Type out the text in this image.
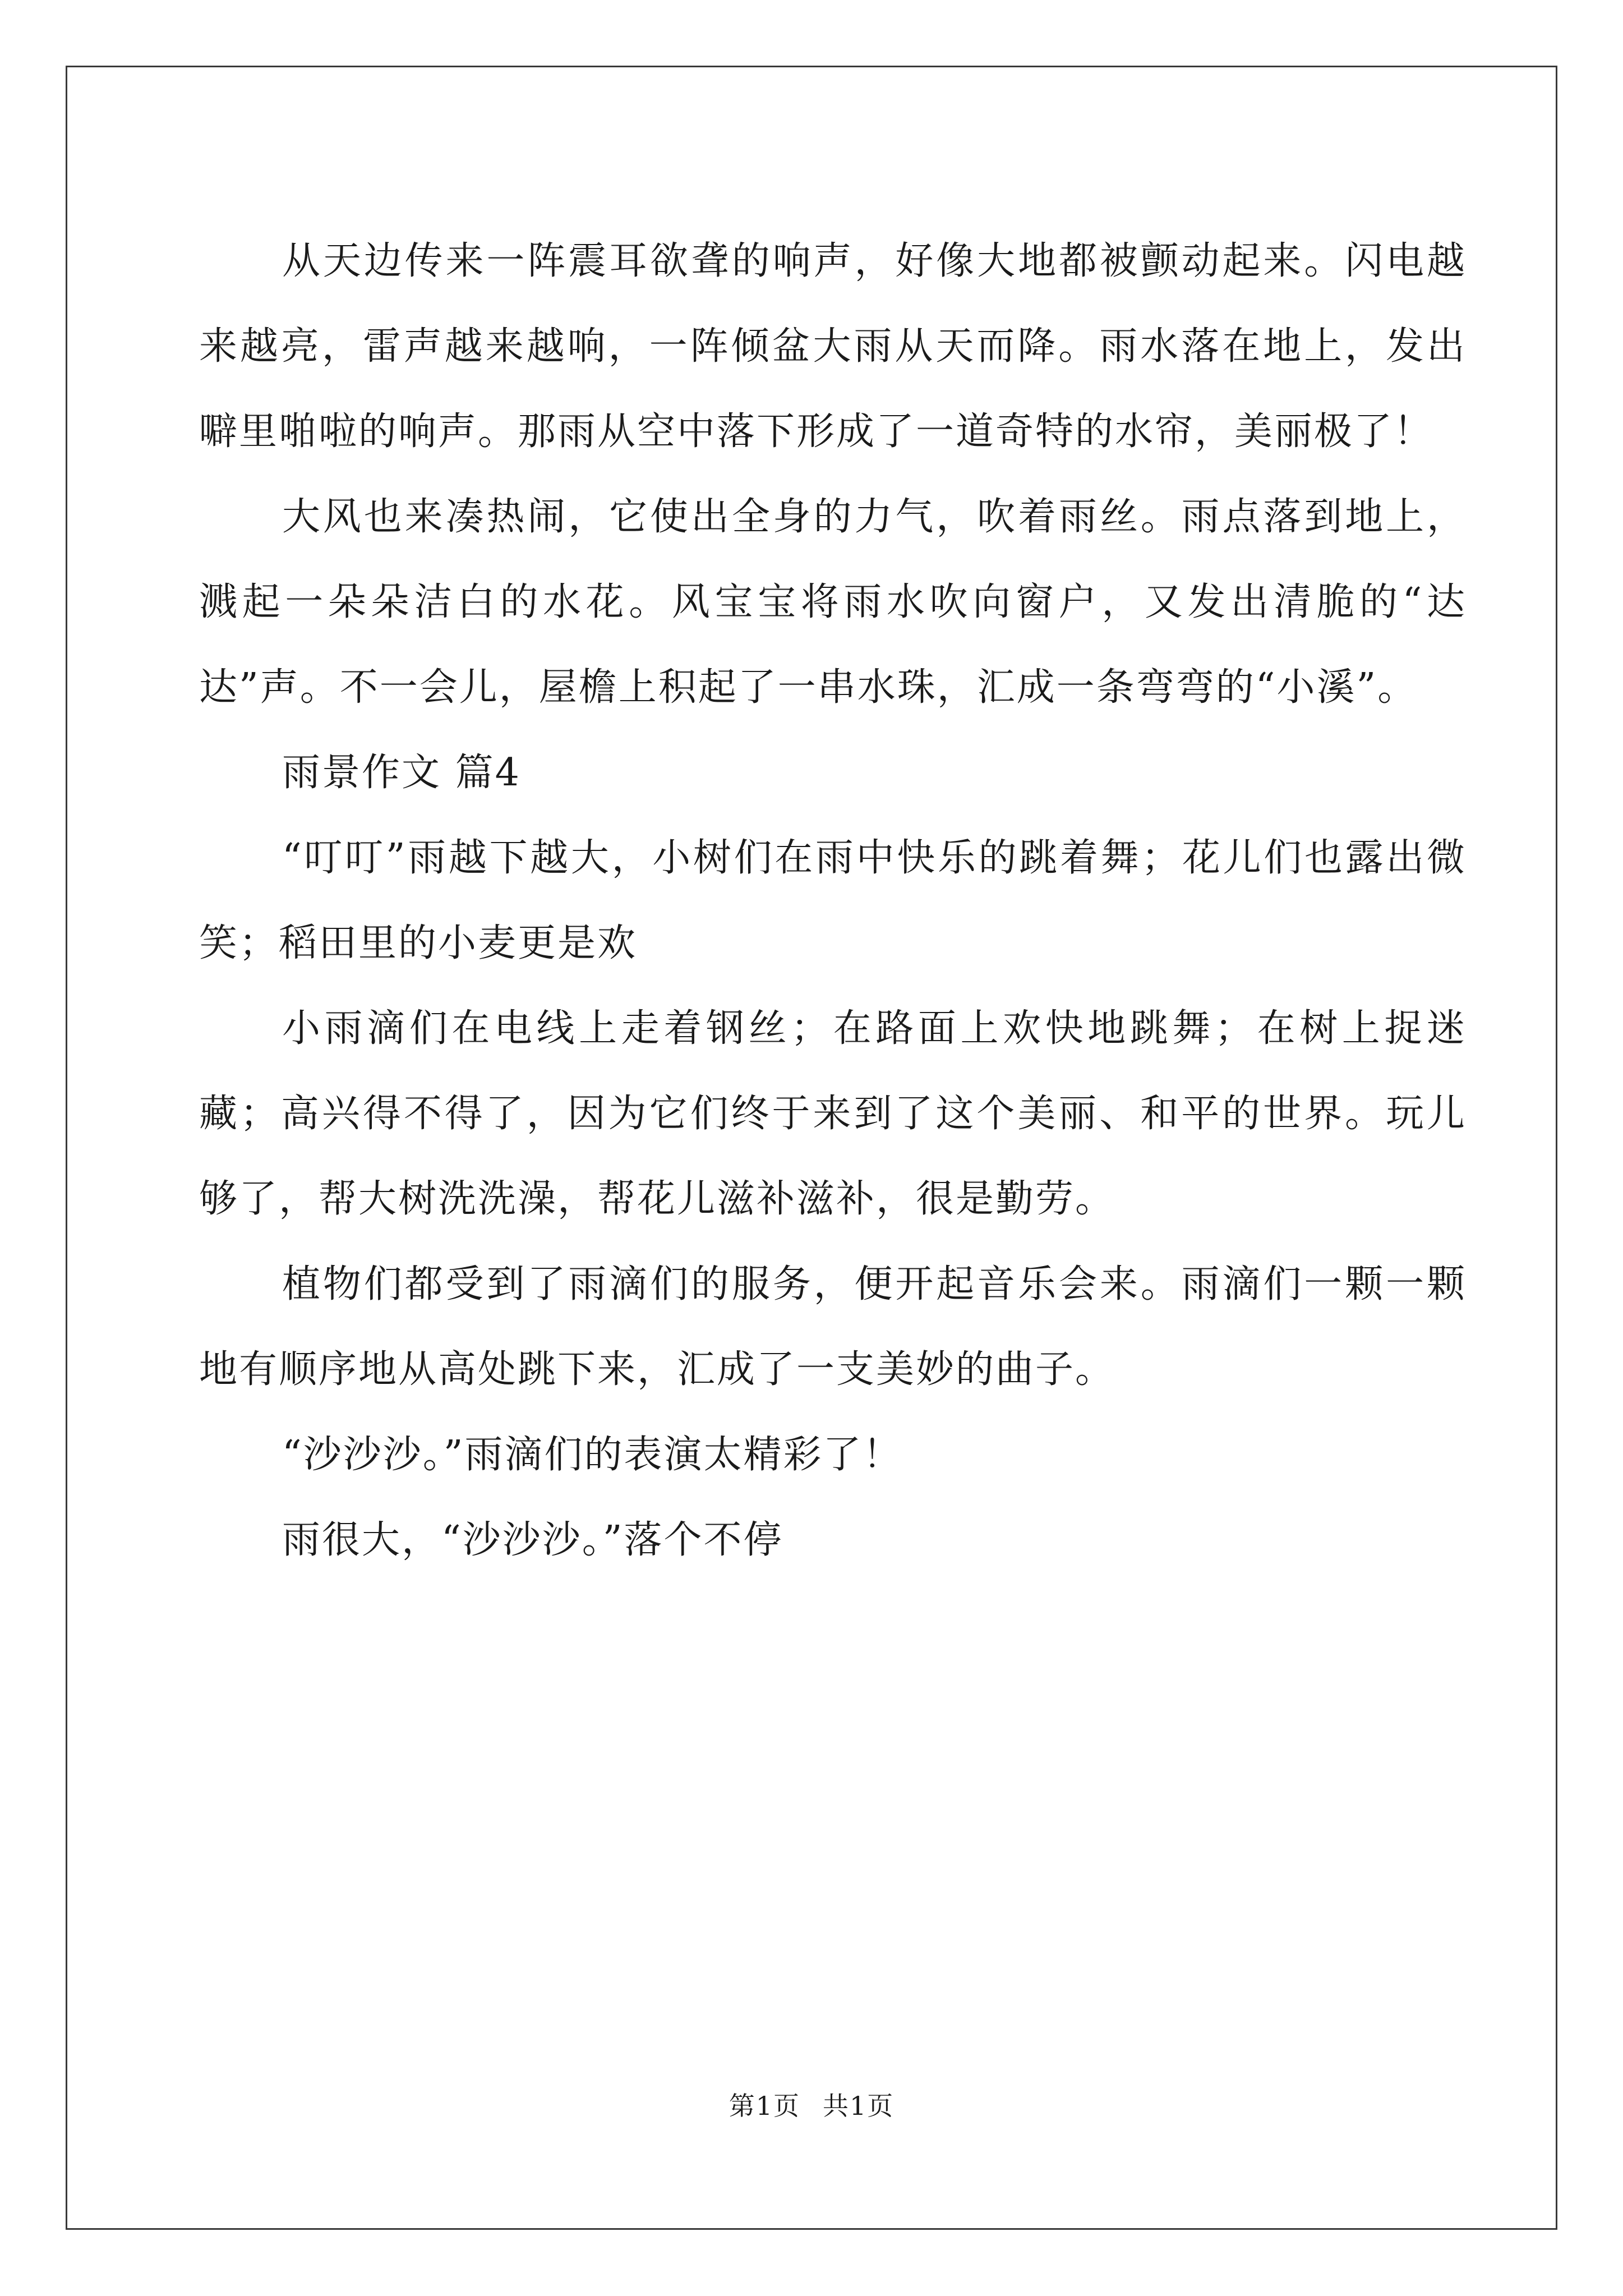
从天边传来一阵震耳欲聋的响声，好像大地都被颤动起来。闪电越来越亮，雷声越来越响，一阵倾盆大雨从天而降。雨水落在地上，发出噼里啪啦的响声。那雨从空中落下形成了一道奇特的水帘，美丽极了！

大风也来凑热闹，它使出全身的力气，吹着雨丝。雨点落到地上，溅起一朵朵洁白的水花。风宝宝将雨水吹向窗户，又发出清脆的“达达”声。不一会儿，屋檐上积起了一串水珠，汇成一条弯弯的“小溪”。

雨景作文 篇4

“叮叮”雨越下越大，小树们在雨中快乐的跳着舞；花儿们也露出微笑；稻田里的小麦更是欢

小雨滴们在电线上走着钢丝；在路面上欢快地跳舞；在树上捉迷藏；高兴得不得了，因为它们终于来到了这个美丽、和平的世界。玩儿够了，帮大树洗洗澡，帮花儿滋补滋补，很是勤劳。

植物们都受到了雨滴们的服务，便开起音乐会来。雨滴们一颗一颗地有顺序地从高处跳下来，汇成了一支美妙的曲子。

“沙沙沙。”雨滴们的表演太精彩了！

雨很大，“沙沙沙。”落个不停

第1页 共1页
